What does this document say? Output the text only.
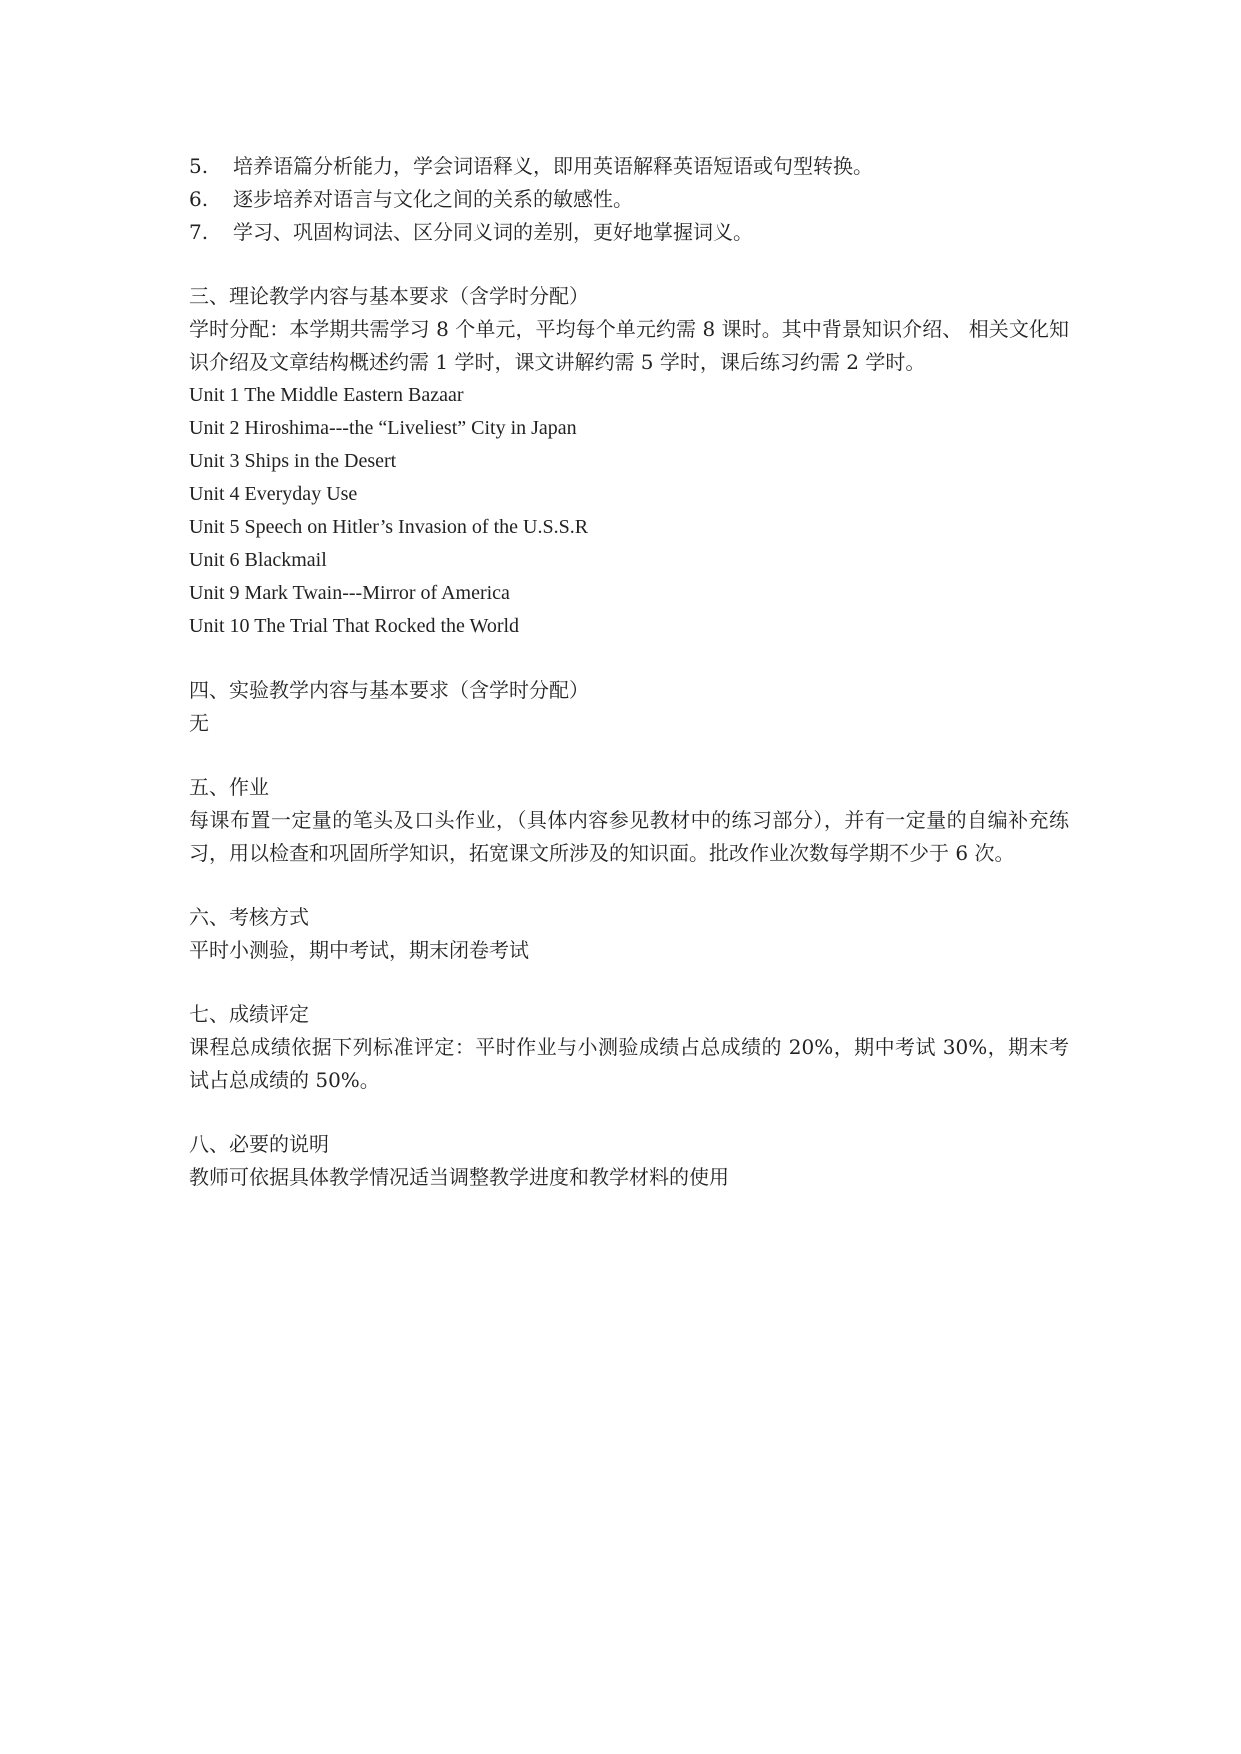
5.	培养语篇分析能力，学会词语释义，即用英语解释英语短语或句型转换。
6.	逐步培养对语言与文化之间的关系的敏感性。
7.	学习、巩固构词法、区分同义词的差别，更好地掌握词义。
三、理论教学内容与基本要求（含学时分配）
学时分配：本学期共需学习 8 个单元，平均每个单元约需 8 课时。其中背景知识介绍、 相关文化知识介绍及文章结构概述约需 1 学时，课文讲解约需 5 学时，课后练习约需 2 学时。
Unit 1 The Middle Eastern Bazaar
Unit 2 Hiroshima---the “Liveliest” City in Japan
Unit 3 Ships in the Desert
Unit 4 Everyday Use
Unit 5 Speech on Hitler’s Invasion of the U.S.S.R
Unit 6 Blackmail
Unit 9 Mark Twain---Mirror of America
Unit 10 The Trial That Rocked the World
四、实验教学内容与基本要求（含学时分配）
无
五、作业
每课布置一定量的笔头及口头作业，（具体内容参见教材中的练习部分），并有一定量的自编补充练习，用以检查和巩固所学知识，拓宽课文所涉及的知识面。批改作业次数每学期不少于 6 次。
六、考核方式
平时小测验，期中考试，期末闭卷考试
七、成绩评定
课程总成绩依据下列标准评定：平时作业与小测验成绩占总成绩的 20%，期中考试 30%，期末考试占总成绩的 50%。
八、必要的说明
教师可依据具体教学情况适当调整教学进度和教学材料的使用
